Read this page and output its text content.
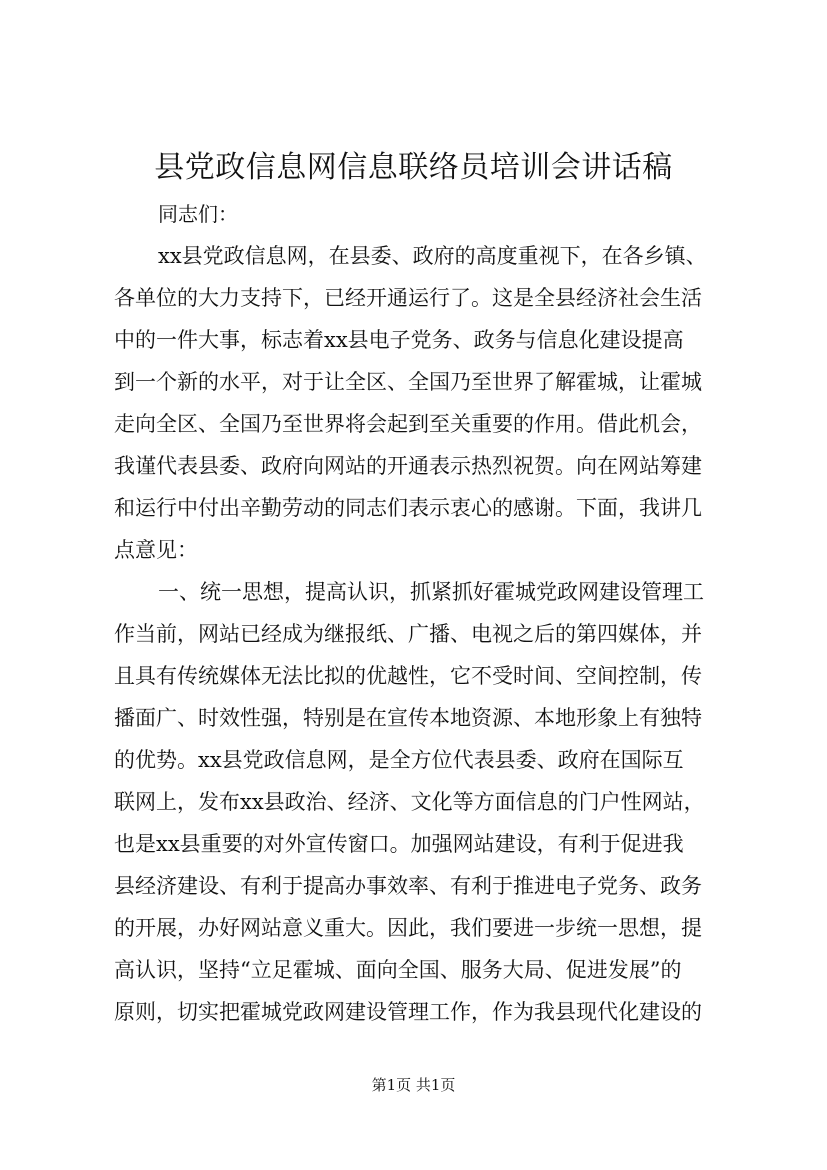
县党政信息网信息联络员培训会讲话稿
同志们：
xx县党政信息网，在县委、政府的高度重视下，在各乡镇、
各单位的大力支持下，已经开通运行了。这是全县经济社会生活
中的一件大事，标志着xx县电子党务、政务与信息化建设提高
到一个新的水平，对于让全区、全国乃至世界了解霍城，让霍城
走向全区、全国乃至世界将会起到至关重要的作用。借此机会，
我谨代表县委、政府向网站的开通表示热烈祝贺。向在网站筹建
和运行中付出辛勤劳动的同志们表示衷心的感谢。下面，我讲几
点意见：
一、统一思想，提高认识，抓紧抓好霍城党政网建设管理工
作当前，网站已经成为继报纸、广播、电视之后的第四媒体，并
且具有传统媒体无法比拟的优越性，它不受时间、空间控制，传
播面广、时效性强，特别是在宣传本地资源、本地形象上有独特
的优势。xx县党政信息网，是全方位代表县委、政府在国际互
联网上，发布xx县政治、经济、文化等方面信息的门户性网站，
也是xx县重要的对外宣传窗口。加强网站建设，有利于促进我
县经济建设、有利于提高办事效率、有利于推进电子党务、政务
的开展，办好网站意义重大。因此，我们要进一步统一思想，提
高认识，坚持“立足霍城、面向全国、服务大局、促进发展”的
原则，切实把霍城党政网建设管理工作，作为我县现代化建设的
第1页 共1页
